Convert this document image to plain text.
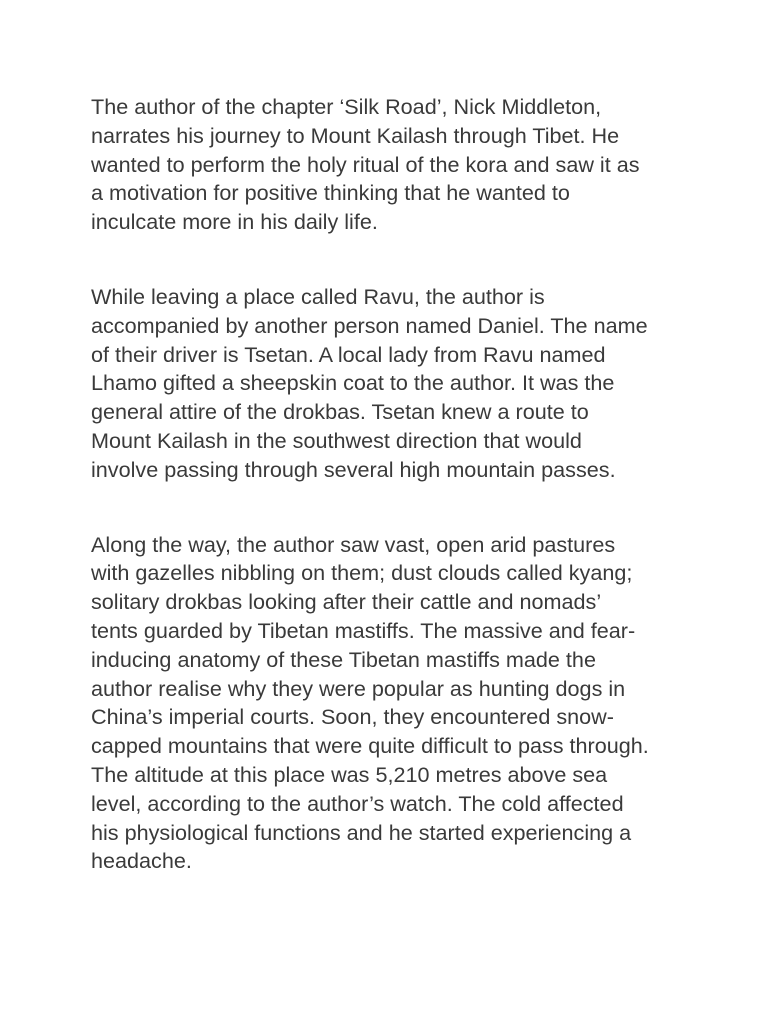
The author of the chapter ‘Silk Road’, Nick Middleton,
narrates his journey to Mount Kailash through Tibet. He
wanted to perform the holy ritual of the kora and saw it as
a motivation for positive thinking that he wanted to
inculcate more in his daily life.

While leaving a place called Ravu, the author is
accompanied by another person named Daniel. The name
of their driver is Tsetan. A local lady from Ravu named
Lhamo gifted a sheepskin coat to the author. It was the
general attire of the drokbas. Tsetan knew a route to
Mount Kailash in the southwest direction that would
involve passing through several high mountain passes.

Along the way, the author saw vast, open arid pastures
with gazelles nibbling on them; dust clouds called kyang;
solitary drokbas looking after their cattle and nomads’
tents guarded by Tibetan mastiffs. The massive and fear-
inducing anatomy of these Tibetan mastiffs made the
author realise why they were popular as hunting dogs in
China’s imperial courts. Soon, they encountered snow-
capped mountains that were quite difficult to pass through.
The altitude at this place was 5,210 metres above sea
level, according to the author’s watch. The cold affected
his physiological functions and he started experiencing a
headache.
